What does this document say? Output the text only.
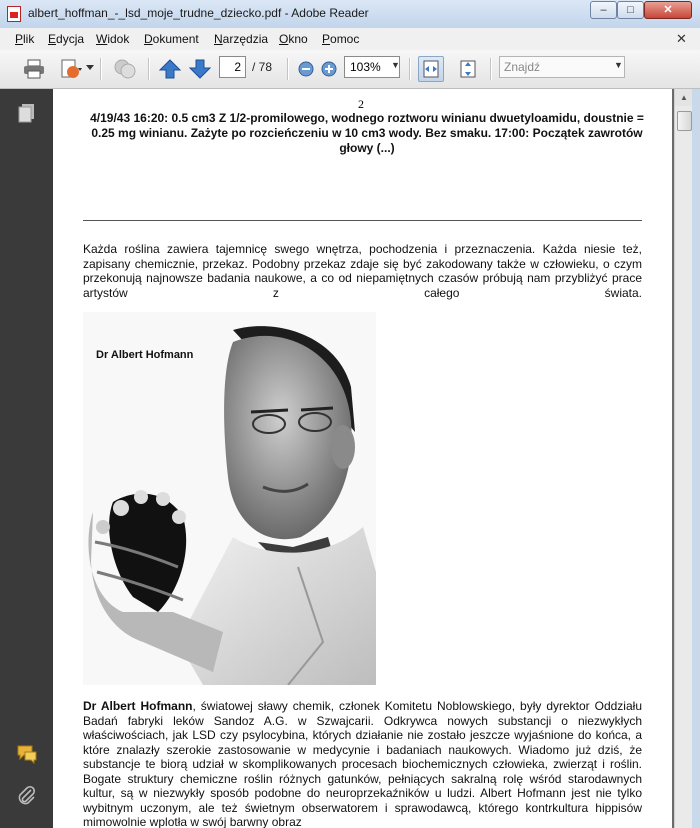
albert_hoffman_-_lsd_moje_trudne_dziecko.pdf - Adobe Reader	–	□	✕
Plik Edycja Widok Dokument Narzędzia Okno Pomoc	✕
2 / 78	103%	▼	Znajdź	▼
2
4/19/43 16:20: 0.5 cm3 Z 1/2-promilowego, wodnego roztworu winianu dwuetyloamidu, doustnie = 0.25 mg winianu. Zażyte po rozcieńczeniu w 10 cm3 wody. Bez smaku. 17:00: Początek zawrotów głowy (...)
Każda roślina zawiera tajemnicę swego wnętrza, pochodzenia i przeznaczenia. Każda niesie też, zapisany chemicznie, przekaz. Podobny przekaz zdaje się być zakodowany także w człowieku, o czym przekonują najnowsze badania naukowe, a co od niepamiętnych czasów próbują nam przybliżyć prace artystów z całego świata.
Dr Albert Hofmann
Dr Albert Hofmann, światowej sławy chemik, członek Komitetu Noblowskiego, były dyrektor Oddziału Badań fabryki leków Sandoz A.G. w Szwajcarii. Odkrywca nowych substancji o niezwykłych właściwościach, jak LSD czy psylocybina, których działanie nie zostało jeszcze wyjaśnione do końca, a które znalazły szerokie zastosowanie w medycynie i badaniach naukowych. Wiadomo już dziś, że substancje te biorą udział w skomplikowanych procesach biochemicznych człowieka, zwierząt i roślin. Bogate struktury chemiczne roślin różnych gatunków, pełniących sakralną rolę wśród starodawnych kultur, są w niezwykły sposób podobne do neuroprzekaźników u ludzi. Albert Hofmann jest nie tylko wybitnym uczonym, ale też świetnym obserwatorem i sprawodawcą, którego kontrkultura hippisów mimowolnie wplotła w swój barwny obraz
▲
